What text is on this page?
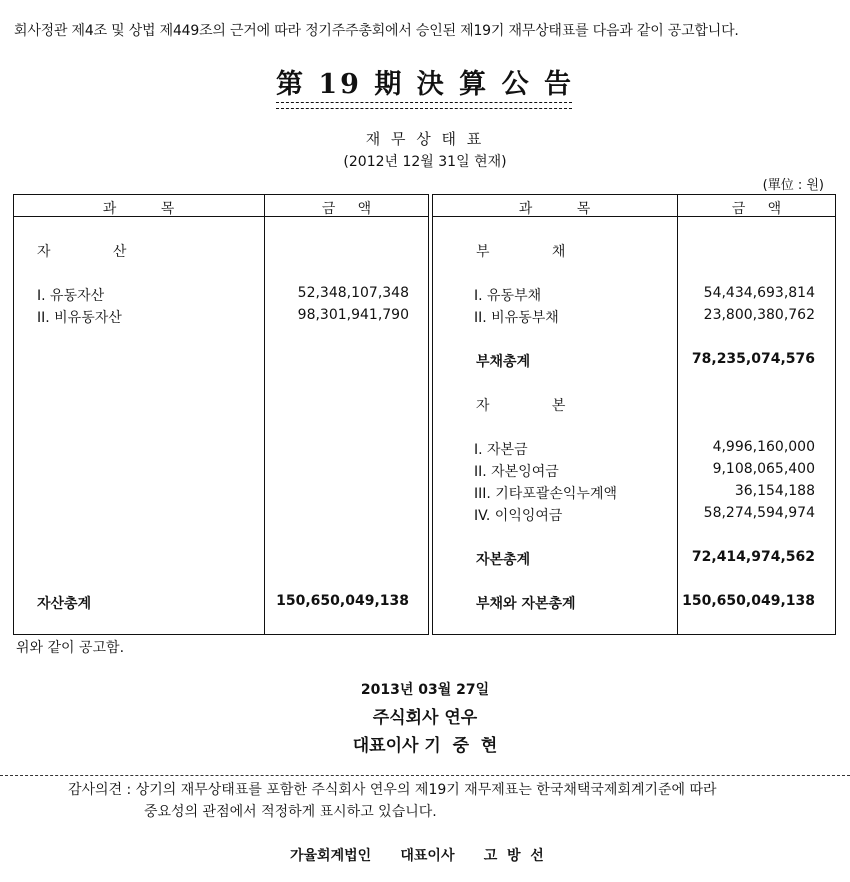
회사정관 제4조 및 상법 제449조의 근거에 따라 정기주주총회에서 승인된 제19기 재무상태표를 다음과 같이 공고합니다.
第 19 期 決 算 公 告
재 무 상 태 표
(2012년 12월 31일 현재)
(單位 : 원)
과          목	금     액	과          목	금     액
자              산
I. 유동자산	52,348,107,348
II. 비유동자산	98,301,941,790
자산총계	150,650,049,138
부              채
I. 유동부채	54,434,693,814
II. 비유동부채	23,800,380,762
부채총계	78,235,074,576
자              본
I. 자본금	4,996,160,000
II. 자본잉여금	9,108,065,400
III. 기타포괄손익누계액	36,154,188
IV. 이익잉여금	58,274,594,974
자본총계	72,414,974,562
부채와 자본총계	150,650,049,138
위와 같이 공고함.
2013년 03월 27일
주식회사 연우
대표이사 기  중  현
감사의견 : 상기의 재무상태표를 포함한 주식회사 연우의 제19기 재무제표는 한국채택국제회계기준에 따라
중요성의 관점에서 적정하게 표시하고 있습니다.
가율회계법인      대표이사      고  방  선
